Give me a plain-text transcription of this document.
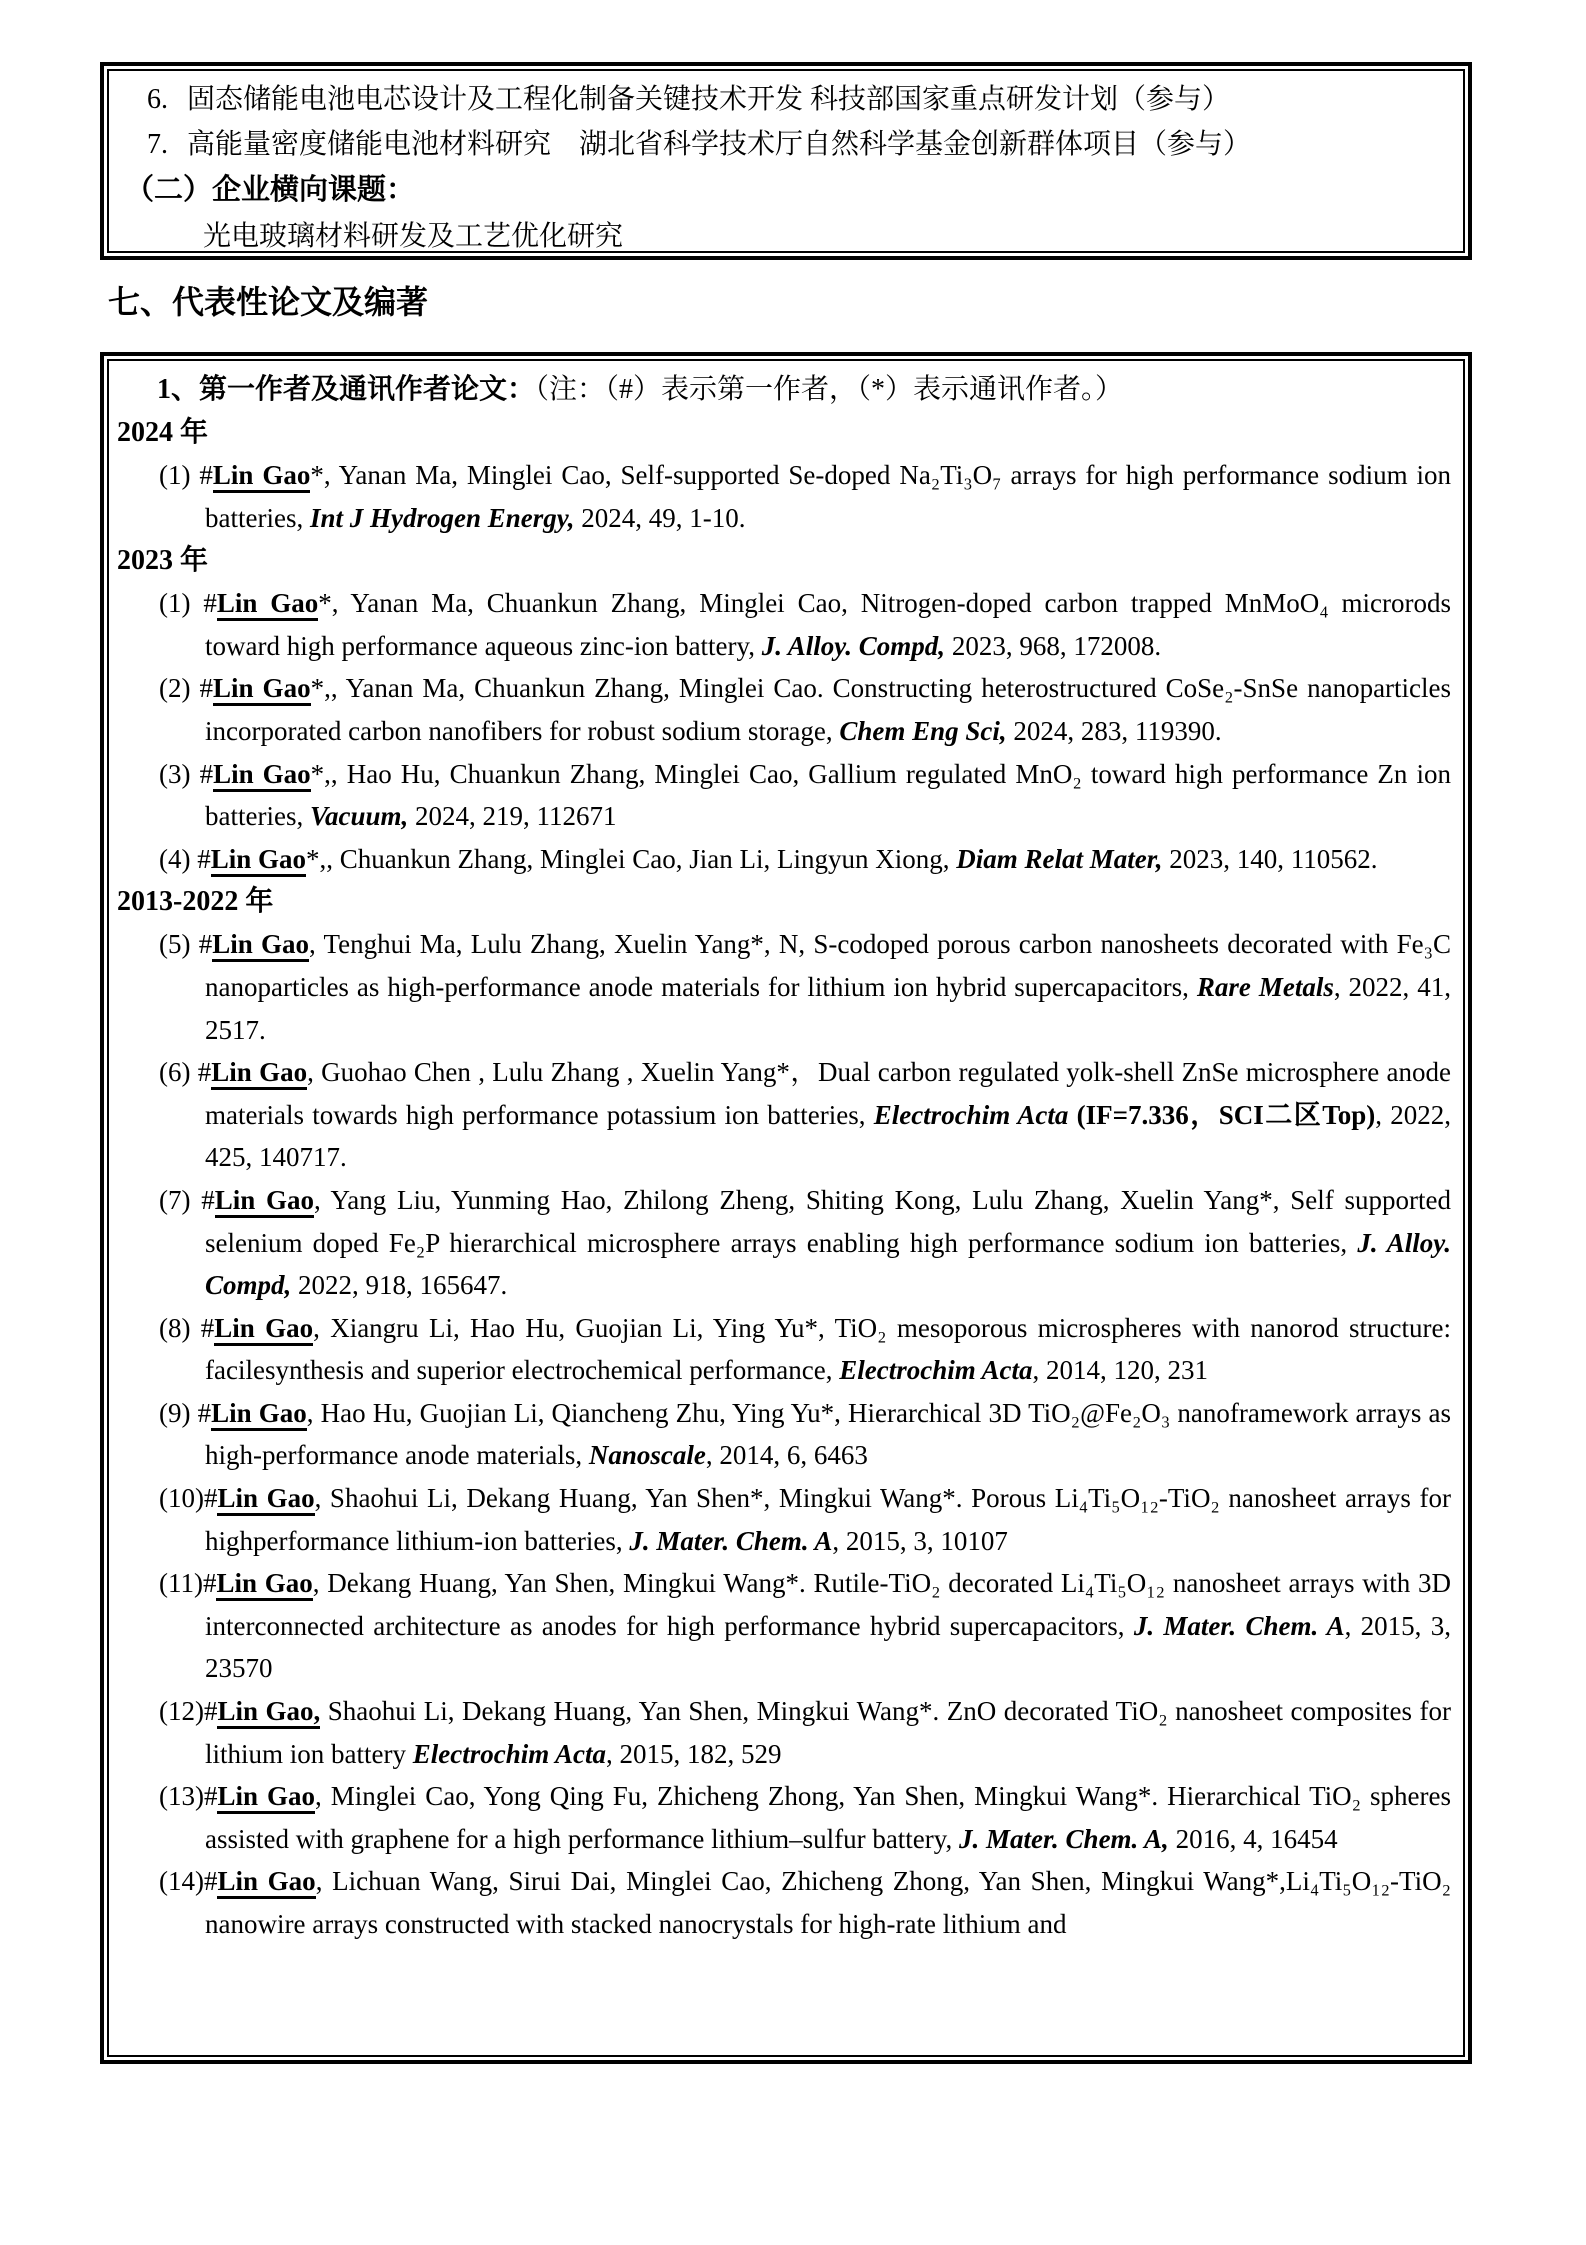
6. 固态储能电池电芯设计及工程化制备关键技术开发 科技部国家重点研发计划（参与）
7. 高能量密度储能电池材料研究　湖北省科学技术厅自然科学基金创新群体项目（参与）
（二）企业横向课题：
光电玻璃材料研发及工艺优化研究
七、代表性论文及编著
1、第一作者及通讯作者论文：（注：（#）表示第一作者，（*）表示通讯作者。）
2024 年
(1) #Lin Gao*, Yanan Ma, Minglei Cao, Self-supported Se-doped Na₂Ti₃O₇ arrays for high performance sodium ion batteries, Int J Hydrogen Energy, 2024, 49, 1-10.
2023 年
(1) #Lin Gao*, Yanan Ma, Chuankun Zhang, Minglei Cao, Nitrogen-doped carbon trapped MnMoO₄ microrods toward high performance aqueous zinc-ion battery, J. Alloy. Compd, 2023, 968, 172008.
(2) #Lin Gao*,, Yanan Ma, Chuankun Zhang, Minglei Cao. Constructing heterostructured CoSe₂-SnSe nanoparticles incorporated carbon nanofibers for robust sodium storage, Chem Eng Sci, 2024, 283, 119390.
(3) #Lin Gao*,, Hao Hu, Chuankun Zhang, Minglei Cao, Gallium regulated MnO₂ toward high performance Zn ion batteries, Vacuum, 2024, 219, 112671
(4) #Lin Gao*,, Chuankun Zhang, Minglei Cao, Jian Li, Lingyun Xiong, Diam Relat Mater, 2023, 140, 110562.
2013-2022 年
(5) #Lin Gao, Tenghui Ma, Lulu Zhang, Xuelin Yang*, N, S-codoped porous carbon nanosheets decorated with Fe₃C nanoparticles as high-performance anode materials for lithium ion hybrid supercapacitors, Rare Metals, 2022, 41, 2517.
(6) #Lin Gao, Guohao Chen , Lulu Zhang , Xuelin Yang*，Dual carbon regulated yolk-shell ZnSe microsphere anode materials towards high performance potassium ion batteries, Electrochim Acta (IF=7.336，SCI二区Top), 2022, 425, 140717.
(7) #Lin Gao, Yang Liu, Yunming Hao, Zhilong Zheng, Shiting Kong, Lulu Zhang, Xuelin Yang*, Self supported selenium doped Fe₂P hierarchical microsphere arrays enabling high performance sodium ion batteries, J. Alloy. Compd, 2022, 918, 165647.
(8) #Lin Gao, Xiangru Li, Hao Hu, Guojian Li, Ying Yu*, TiO₂ mesoporous microspheres with nanorod structure: facilesynthesis and superior electrochemical performance, Electrochim Acta, 2014, 120, 231
(9) #Lin Gao, Hao Hu, Guojian Li, Qiancheng Zhu, Ying Yu*, Hierarchical 3D TiO₂@Fe₂O₃ nanoframework arrays as high-performance anode materials, Nanoscale, 2014, 6, 6463
(10)#Lin Gao, Shaohui Li, Dekang Huang, Yan Shen*, Mingkui Wang*. Porous Li₄Ti₅O₁₂-TiO₂ nanosheet arrays for highperformance lithium-ion batteries, J. Mater. Chem. A, 2015, 3, 10107
(11)#Lin Gao, Dekang Huang, Yan Shen, Mingkui Wang*. Rutile-TiO₂ decorated Li₄Ti₅O₁₂ nanosheet arrays with 3D interconnected architecture as anodes for high performance hybrid supercapacitors, J. Mater. Chem. A, 2015, 3, 23570
(12)#Lin Gao, Shaohui Li, Dekang Huang, Yan Shen, Mingkui Wang*. ZnO decorated TiO₂ nanosheet composites for lithium ion battery Electrochim Acta, 2015, 182, 529
(13)#Lin Gao, Minglei Cao, Yong Qing Fu, Zhicheng Zhong, Yan Shen, Mingkui Wang*. Hierarchical TiO₂ spheres assisted with graphene for a high performance lithium–sulfur battery, J. Mater. Chem. A, 2016, 4, 16454
(14)#Lin Gao, Lichuan Wang, Sirui Dai, Minglei Cao, Zhicheng Zhong, Yan Shen, Mingkui Wang*,Li₄Ti₅O₁₂-TiO₂ nanowire arrays constructed with stacked nanocrystals for high-rate lithium and
